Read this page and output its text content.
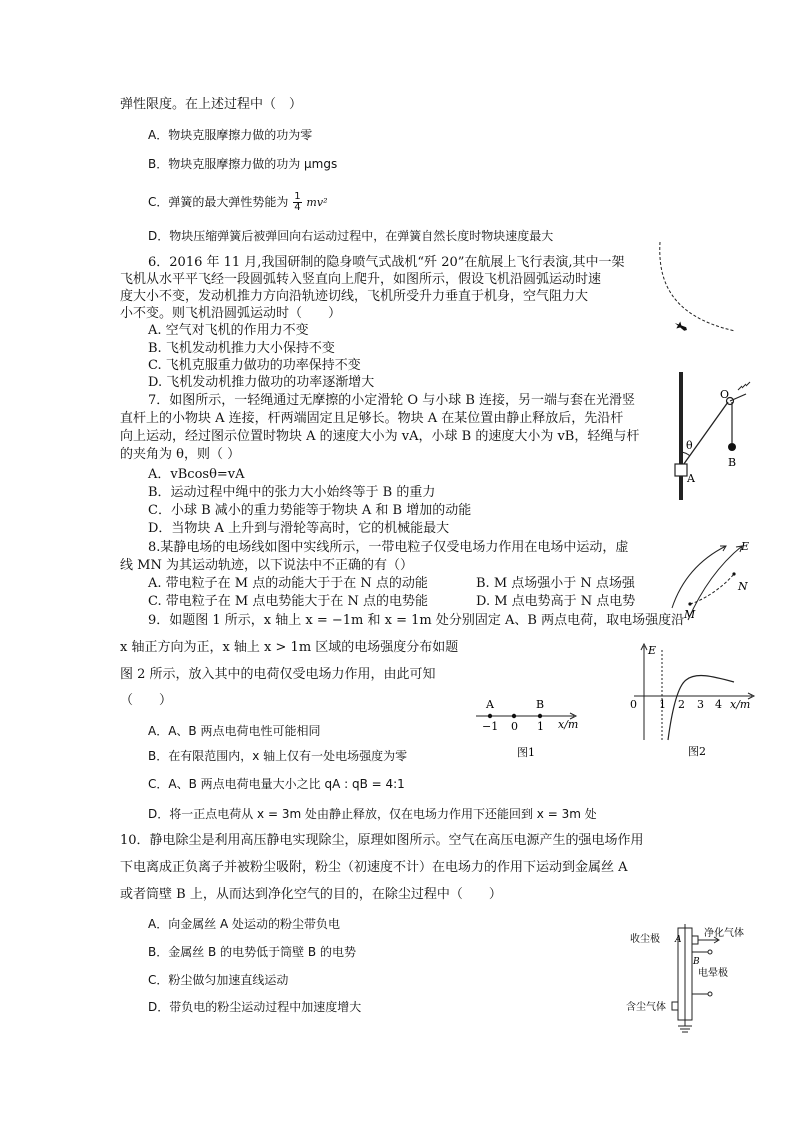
弹性限度。在上述过程中（　）
A．物块克服摩擦力做的功为零
B．物块克服摩擦力做的功为 μmgs
C．弹簧的最大弹性势能为 $\frac{1}{4} mv^2$
D．物块压缩弹簧后被弹回向右运动过程中，在弹簧自然长度时物块速度最大
6．2016 年 11 月,我国研制的隐身喷气式战机“歼 20”在航展上飞行表演,其中一架
飞机从水平平飞经一段圆弧转入竖直向上爬升，如图所示，假设飞机沿圆弧运动时速
度大小不变，发动机推力方向沿轨迹切线，飞机所受升力垂直于机身，空气阻力大
小不变。则飞机沿圆弧运动时（　　）
A. 空气对飞机的作用力不变
B. 飞机发动机推力大小保持不变
C. 飞机克服重力做功的功率保持不变
D. 飞机发动机推力做功的功率逐渐增大
7．如图所示，一轻绳通过无摩擦的小定滑轮 O 与小球 B 连接，另一端与套在光滑竖
直杆上的小物块 A 连接，杆两端固定且足够长。物块 A 在某位置由静止释放后，先沿杆
向上运动，经过图示位置时物块 A 的速度大小为 vA，小球 B 的速度大小为 vB，轻绳与杆
的夹角为 θ，则（ ）
A．vBcosθ=vA
B．运动过程中绳中的张力大小始终等于 B 的重力
C．小球 B 减小的重力势能等于物块 A 和 B 增加的动能
D．当物块 A 上升到与滑轮等高时，它的机械能最大
O
θ
A
B
8.某静电场的电场线如图中实线所示，一带电粒子仅受电场力作用在电场中运动，虚
线 MN 为其运动轨迹，以下说法中不正确的有（）
A. 带电粒子在 M 点的动能大于于在 N 点的动能	B. M 点场强小于 N 点场强
C. 带电粒子在 M 点电势能大于在 N 点的电势能	D. M 点电势高于 N 点电势
E
N
M
9．如题图 1 所示，x 轴上 x = −1m 和 x = 1m 处分别固定 A、B 两点电荷，取电场强度沿
x 轴正方向为正，x 轴上 x > 1m 区域的电场强度分布如题
图 2 所示，放入其中的电荷仅受电场力作用，由此可知
（　　）
A．A、B 两点电荷电性可能相同
B．在有限范围内，x 轴上仅有一处电场强度为零
C．A、B 两点电荷电量大小之比 qA : qB = 4:1
D．将一正点电荷从 x = 3m 处由静止释放，仅在电场力作用下还能回到 x = 3m 处
A	B
−1 0 1 x/m
图1
E
0 1 2 3 4 x/m
图2
10．静电除尘是利用高压静电实现除尘，原理如图所示。空气在高压电源产生的强电场作用
下电离成正负离子并被粉尘吸附，粉尘（初速度不计）在电场力的作用下运动到金属丝 A
或者筒壁 B 上，从而达到净化空气的目的，在除尘过程中（　　）
A．向金属丝 A 处运动的粉尘带负电
B．金属丝 B 的电势低于筒壁 B 的电势
C．粉尘做匀加速直线运动
D．带负电的粉尘运动过程中加速度增大
收尘极
净化气体
A
B
电晕极
含尘气体
